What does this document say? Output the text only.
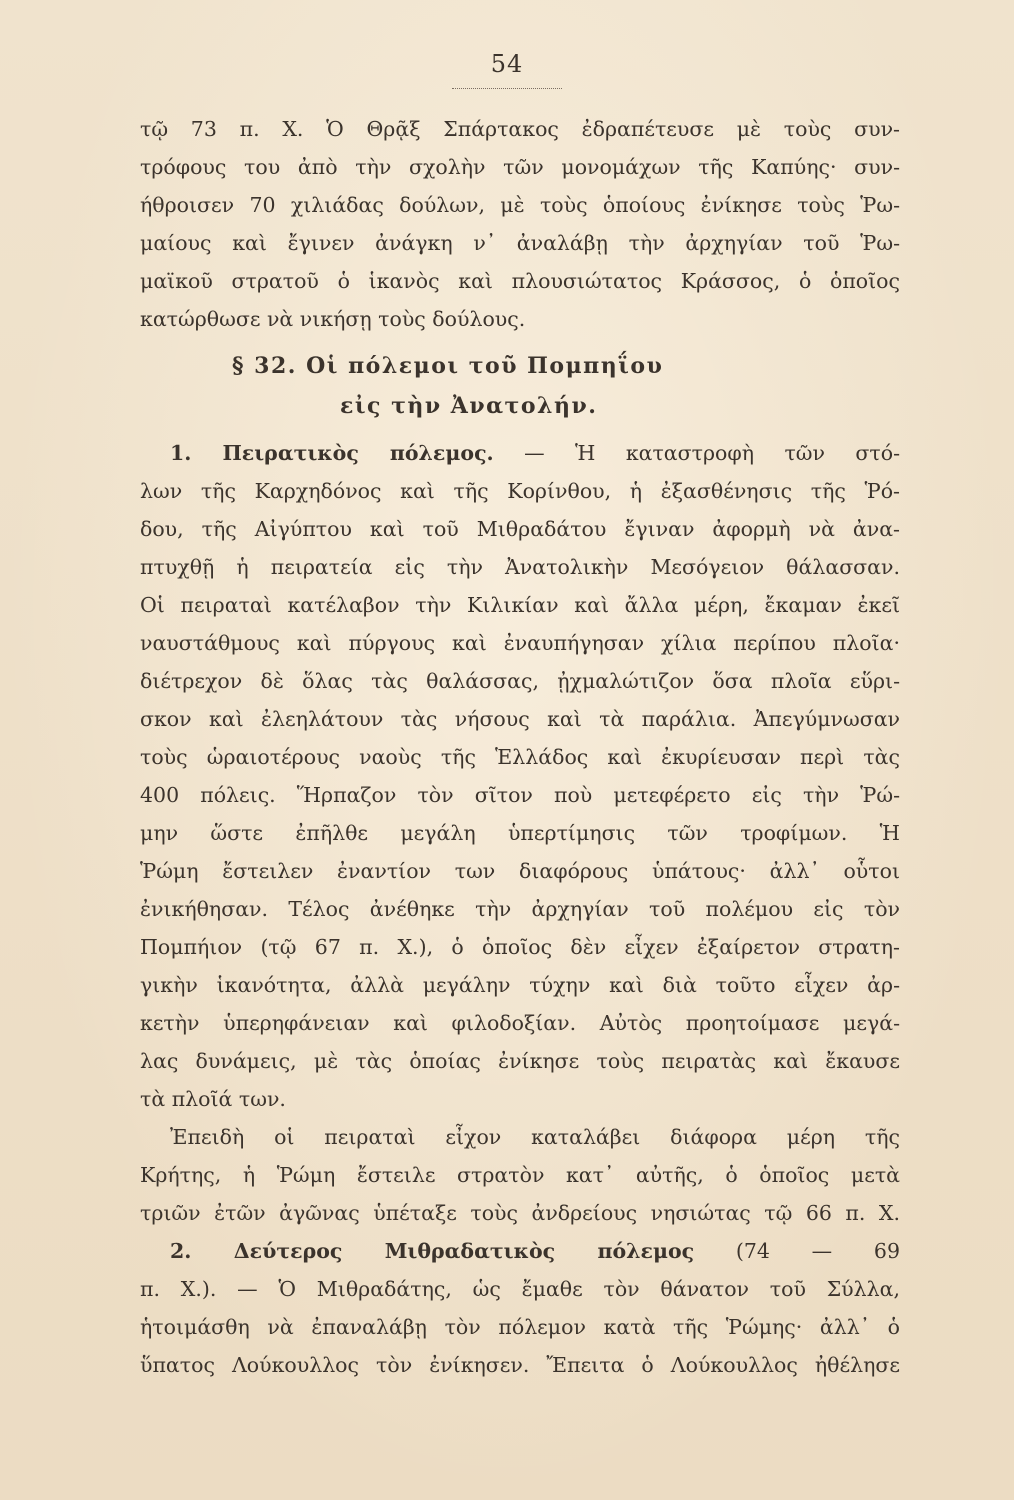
54
τῷ 73 π. Χ. Ὁ Θρᾷξ Σπάρτακος ἐδραπέτευσε μὲ τοὺς συν-
τρόφους του ἀπὸ τὴν σχολὴν τῶν μονομάχων τῆς Καπύης· συν-
ήθροισεν 70 χιλιάδας δούλων, μὲ τοὺς ὁποίους ἐνίκησε τοὺς Ῥω-
μαίους καὶ ἔγινεν ἀνάγκη ν᾽ ἀναλάβῃ τὴν ἀρχηγίαν τοῦ Ῥω-
μαϊκοῦ στρατοῦ ὁ ἱκανὸς καὶ πλουσιώτατος Κράσσος, ὁ ὁποῖος
κατώρθωσε νὰ νικήσῃ τοὺς δούλους.
§ 32. Οἱ πόλεμοι τοῦ Πομπηΐου
εἰς τὴν Ἀνατολήν.
1. Πειρατικὸς πόλεμος. — Ἡ καταστροφὴ τῶν στό-
λων τῆς Καρχηδόνος καὶ τῆς Κορίνθου, ἡ ἐξασθένησις τῆς Ῥό-
δου, τῆς Αἰγύπτου καὶ τοῦ Μιθραδάτου ἔγιναν ἀφορμὴ νὰ ἀνα-
πτυχθῇ ἡ πειρατεία εἰς τὴν Ἀνατολικὴν Μεσόγειον θάλασσαν.
Οἱ πειραταὶ κατέλαβον τὴν Κιλικίαν καὶ ἄλλα μέρη, ἔκαμαν ἐκεῖ
ναυστάθμους καὶ πύργους καὶ ἐναυπήγησαν χίλια περίπου πλοῖα·
διέτρεχον δὲ ὅλας τὰς θαλάσσας, ᾐχμαλώτιζον ὅσα πλοῖα εὕρι-
σκον καὶ ἐλεηλάτουν τὰς νήσους καὶ τὰ παράλια. Ἀπεγύμνωσαν
τοὺς ὡραιοτέρους ναοὺς τῆς Ἑλλάδος καὶ ἐκυρίευσαν περὶ τὰς
400 πόλεις. Ἥρπαζον τὸν σῖτον ποὺ μετεφέρετο εἰς τὴν Ῥώ-
μην ὥστε ἐπῆλθε μεγάλη ὑπερτίμησις τῶν τροφίμων. Ἡ
Ῥώμη ἔστειλεν ἐναντίον των διαφόρους ὑπάτους· ἀλλ᾽ οὗτοι
ἐνικήθησαν. Τέλος ἀνέθηκε τὴν ἀρχηγίαν τοῦ πολέμου εἰς τὸν
Πομπήιον (τῷ 67 π. Χ.), ὁ ὁποῖος δὲν εἶχεν ἐξαίρετον στρατη-
γικὴν ἱκανότητα, ἀλλὰ μεγάλην τύχην καὶ διὰ τοῦτο εἶχεν ἀρ-
κετὴν ὑπερηφάνειαν καὶ φιλοδοξίαν. Αὐτὸς προητοίμασε μεγά-
λας δυνάμεις, μὲ τὰς ὁποίας ἐνίκησε τοὺς πειρατὰς καὶ ἔκαυσε
τὰ πλοῖά των.
Ἐπειδὴ οἱ πειραταὶ εἶχον καταλάβει διάφορα μέρη τῆς
Κρήτης, ἡ Ῥώμη ἔστειλε στρατὸν κατ᾽ αὐτῆς, ὁ ὁποῖος μετὰ
τριῶν ἐτῶν ἀγῶνας ὑπέταξε τοὺς ἀνδρείους νησιώτας τῷ 66 π. Χ.
2. Δεύτερος Μιθραδατικὸς πόλεμος (74 — 69
π. Χ.). — Ὁ Μιθραδάτης, ὡς ἔμαθε τὸν θάνατον τοῦ Σύλλα,
ἡτοιμάσθη νὰ ἐπαναλάβῃ τὸν πόλεμον κατὰ τῆς Ῥώμης· ἀλλ᾽ ὁ
ὕπατος Λούκουλλος τὸν ἐνίκησεν. Ἔπειτα ὁ Λούκουλλος ἠθέλησε
